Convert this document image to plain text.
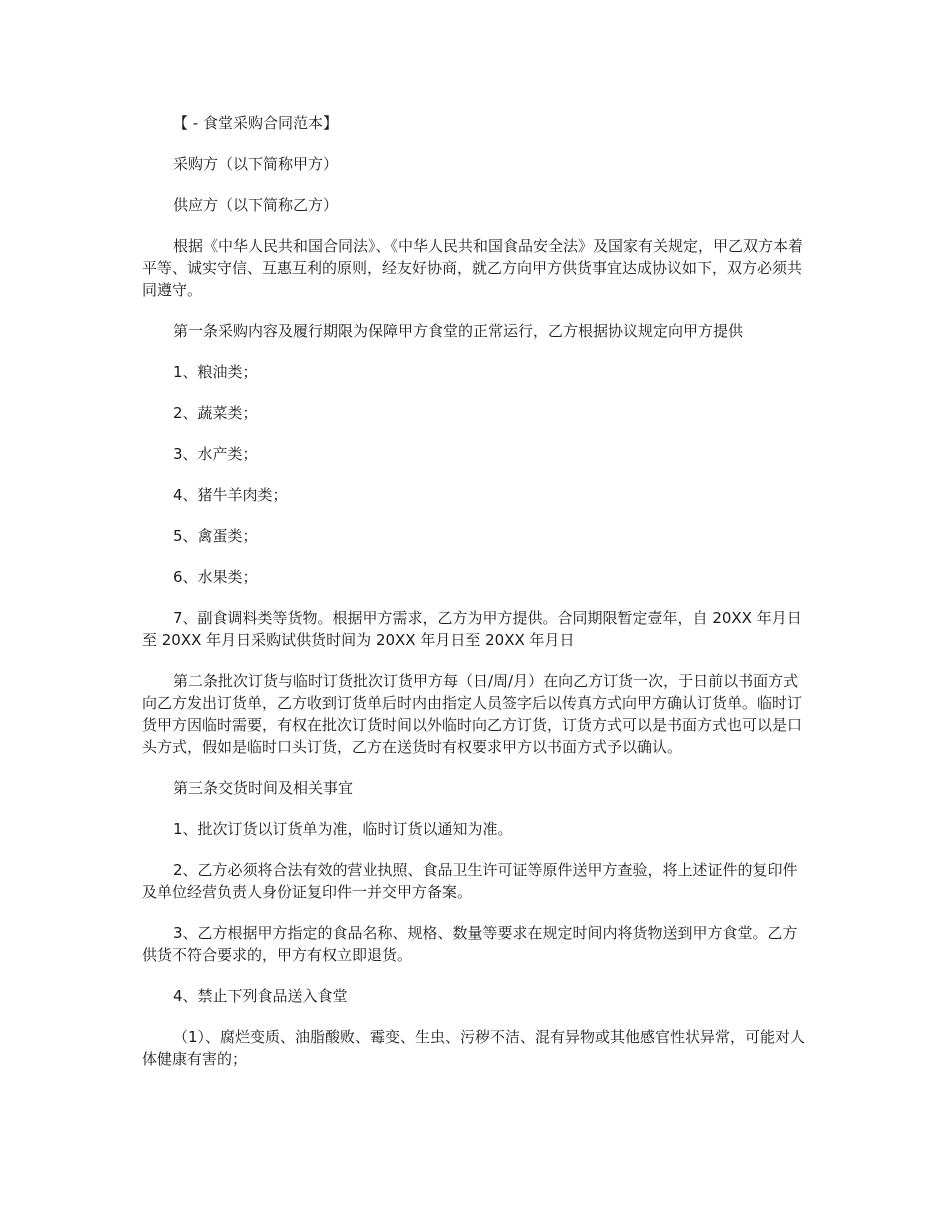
【 - 食堂采购合同范本】

采购方（以下简称甲方）

供应方（以下简称乙方）

根据《中华人民共和国合同法》、《中华人民共和国食品安全法》及国家有关规定，甲乙双方本着平等、诚实守信、互惠互利的原则，经友好协商，就乙方向甲方供货事宜达成协议如下，双方必须共同遵守。

第一条采购内容及履行期限为保障甲方食堂的正常运行，乙方根据协议规定向甲方提供

1、粮油类；

2、蔬菜类；

3、水产类；

4、猪牛羊肉类；

5、禽蛋类；

6、水果类；

7、副食调料类等货物。根据甲方需求，乙方为甲方提供。合同期限暂定壹年，自 20XX 年月日至 20XX 年月日采购试供货时间为 20XX 年月日至 20XX 年月日

第二条批次订货与临时订货批次订货甲方每（日/周/月）在向乙方订货一次，于日前以书面方式向乙方发出订货单，乙方收到订货单后时内由指定人员签字后以传真方式向甲方确认订货单。临时订货甲方因临时需要，有权在批次订货时间以外临时向乙方订货，订货方式可以是书面方式也可以是口头方式，假如是临时口头订货，乙方在送货时有权要求甲方以书面方式予以确认。

第三条交货时间及相关事宜

1、批次订货以订货单为准，临时订货以通知为准。

2、乙方必须将合法有效的营业执照、食品卫生许可证等原件送甲方查验，将上述证件的复印件及单位经营负责人身份证复印件一并交甲方备案。

3、乙方根据甲方指定的食品名称、规格、数量等要求在规定时间内将货物送到甲方食堂。乙方供货不符合要求的，甲方有权立即退货。

4、禁止下列食品送入食堂

（1）、腐烂变质、油脂酸败、霉变、生虫、污秽不洁、混有异物或其他感官性状异常，可能对人体健康有害的；
